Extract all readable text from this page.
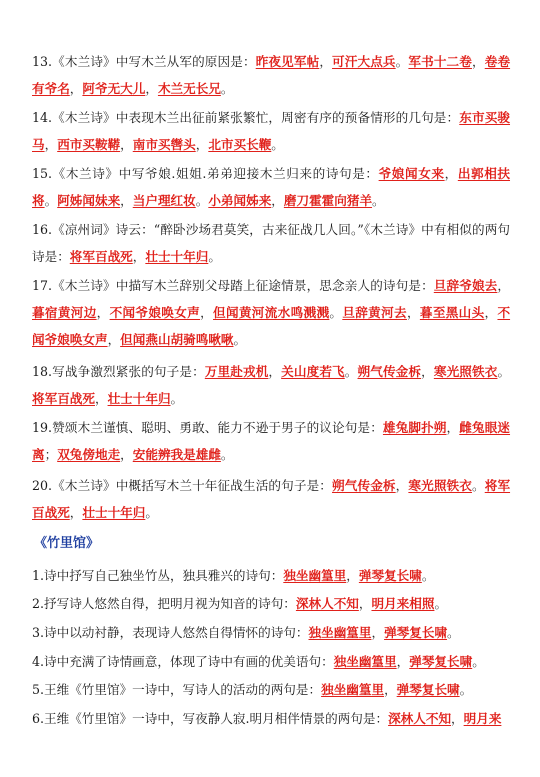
13.《木兰诗》中写木兰从军的原因是：昨夜见军帖，可汗大点兵。军书十二卷，卷卷有爷名，阿爷无大儿，木兰无长兄。
14.《木兰诗》中表现木兰出征前紧张繁忙，周密有序的预备情形的几句是：东市买骏马，西市买鞍鞯，南市买辔头，北市买长鞭。
15.《木兰诗》中写爷娘.姐姐.弟弟迎接木兰归来的诗句是：爷娘闻女来，出郭相扶将。阿姊闻妹来，当户理红妆。小弟闻姊来，磨刀霍霍向猪羊。
16.《凉州词》诗云：“醉卧沙场君莫笑，古来征战几人回。”《木兰诗》中有相似的两句诗是：将军百战死，壮士十年归。
17.《木兰诗》中描写木兰辞别父母踏上征途情景，思念亲人的诗句是：旦辞爷娘去，暮宿黄河边，不闻爷娘唤女声，但闻黄河流水鸣溅溅。旦辞黄河去，暮至黑山头，不闻爷娘唤女声，但闻燕山胡骑鸣啾啾。
18.写战争激烈紧张的句子是：万里赴戎机，关山度若飞。朔气传金柝，寒光照铁衣。将军百战死，壮士十年归。
19.赞颂木兰谨慎、聪明、勇敢、能力不逊于男子的议论句是：雄兔脚扑朔，雌兔眼迷离；双兔傍地走，安能辨我是雄雌。
20.《木兰诗》中概括写木兰十年征战生活的句子是：朔气传金柝，寒光照铁衣。将军百战死，壮士十年归。
《竹里馆》
1.诗中抒写自己独坐竹丛，独具雅兴的诗句：独坐幽篁里，弹琴复长啸。
2.抒写诗人悠然自得，把明月视为知音的诗句：深林人不知，明月来相照。
3.诗中以动衬静，表现诗人悠然自得情怀的诗句：独坐幽篁里，弹琴复长啸。
4.诗中充满了诗情画意，体现了诗中有画的优美语句：独坐幽篁里，弹琴复长啸。
5.王维《竹里馆》一诗中，写诗人的活动的两句是：独坐幽篁里，弹琴复长啸。
6.王维《竹里馆》一诗中，写夜静人寂.明月相伴情景的两句是：深林人不知，明月来
